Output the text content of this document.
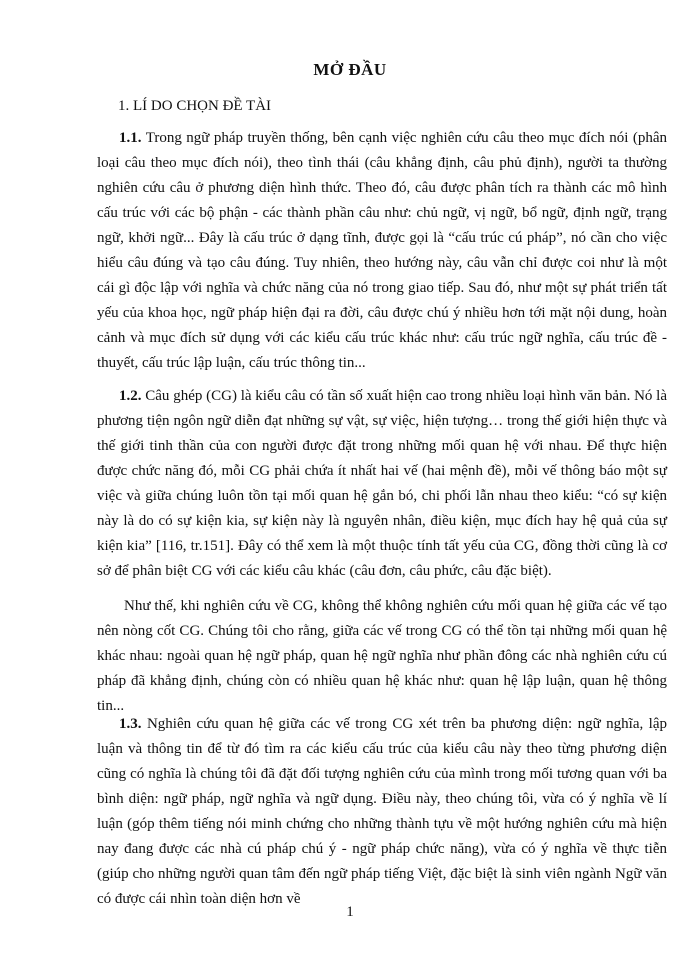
MỞ ĐẦU
1. LÍ DO CHỌN ĐỀ TÀI

1.1. Trong ngữ pháp truyền thống, bên cạnh việc nghiên cứu câu theo mục đích nói (phân loại câu theo mục đích nói), theo tình thái (câu khẳng định, câu phủ định), người ta thường nghiên cứu câu ở phương diện hình thức. Theo đó, câu được phân tích ra thành các mô hình cấu trúc với các bộ phận - các thành phần câu như: chủ ngữ, vị ngữ, bổ ngữ, định ngữ, trạng ngữ, khởi ngữ... Đây là cấu trúc ở dạng tĩnh, được gọi là “cấu trúc cú pháp”, nó cần cho việc hiểu câu đúng và tạo câu đúng. Tuy nhiên, theo hướng này, câu vẫn chỉ được coi như là một cái gì độc lập với nghĩa và chức năng của nó trong giao tiếp. Sau đó, như một sự phát triển tất yếu của khoa học, ngữ pháp hiện đại ra đời, câu được chú ý nhiều hơn tới mặt nội dung, hoàn cảnh và mục đích sử dụng với các kiểu cấu trúc khác như: cấu trúc ngữ nghĩa, cấu trúc đề - thuyết, cấu trúc lập luận, cấu trúc thông tin...

1.2. Câu ghép (CG) là kiểu câu có tần số xuất hiện cao trong nhiều loại hình văn bản. Nó là phương tiện ngôn ngữ diễn đạt những sự vật, sự việc, hiện tượng… trong thế giới hiện thực và thế giới tinh thần của con người được đặt trong những mối quan hệ với nhau. Để thực hiện được chức năng đó, mỗi CG phải chứa ít nhất hai vế (hai mệnh đề), mỗi vế thông báo một sự việc và giữa chúng luôn tồn tại mối quan hệ gắn bó, chi phối lẫn nhau theo kiểu: “có sự kiện này là do có sự kiện kia, sự kiện này là nguyên nhân, điều kiện, mục đích hay hệ quả của sự kiện kia” [116, tr.151]. Đây có thể xem là một thuộc tính tất yếu của CG, đồng thời cũng là cơ sở để phân biệt CG với các kiểu câu khác (câu đơn, câu phức, câu đặc biệt).

Như thế, khi nghiên cứu về CG, không thể không nghiên cứu mối quan hệ giữa các vế tạo nên nòng cốt CG. Chúng tôi cho rằng, giữa các vế trong CG có thể tồn tại những mối quan hệ khác nhau: ngoài quan hệ ngữ pháp, quan hệ ngữ nghĩa như phần đông các nhà nghiên cứu cú pháp đã khẳng định, chúng còn có nhiều quan hệ khác như: quan hệ lập luận, quan hệ thông tin...

1.3. Nghiên cứu quan hệ giữa các vế trong CG xét trên ba phương diện: ngữ nghĩa, lập luận và thông tin để từ đó tìm ra các kiểu cấu trúc của kiểu câu này theo từng phương diện cũng có nghĩa là chúng tôi đã đặt đối tượng nghiên cứu của mình trong mối tương quan với ba bình diện: ngữ pháp, ngữ nghĩa và ngữ dụng. Điều này, theo chúng tôi, vừa có ý nghĩa về lí luận (góp thêm tiếng nói minh chứng cho những thành tựu về một hướng nghiên cứu mà hiện nay đang được các nhà cú pháp chú ý - ngữ pháp chức năng), vừa có ý nghĩa về thực tiễn (giúp cho những người quan tâm đến ngữ pháp tiếng Việt, đặc biệt là sinh viên ngành Ngữ văn có được cái nhìn toàn diện hơn về

1
